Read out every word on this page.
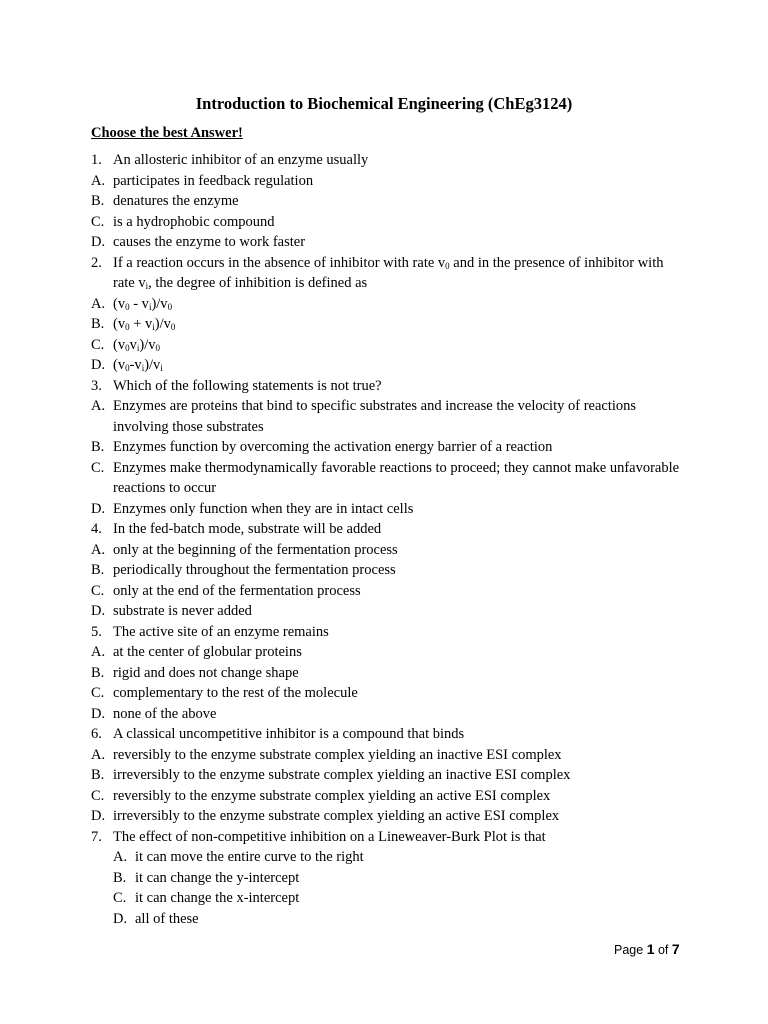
Introduction to Biochemical Engineering (ChEg3124)
Choose the best Answer!
1. An allosteric inhibitor of an enzyme usually
A. participates in feedback regulation
B. denatures the enzyme
C. is a hydrophobic compound
D. causes the enzyme to work faster
2. If a reaction occurs in the absence of inhibitor with rate $v_0$ and in the presence of inhibitor with rate $v_i$, the degree of inhibition is defined as
A. $(v_0 - v_i)/v_0$
B. $(v_0 + v_i)/v_0$
C. $(v_0v_i)/v_0$
D. $(v_0-v_i)/v_i$
3. Which of the following statements is not true?
A. Enzymes are proteins that bind to specific substrates and increase the velocity of reactions involving those substrates
B. Enzymes function by overcoming the activation energy barrier of a reaction
C. Enzymes make thermodynamically favorable reactions to proceed; they cannot make unfavorable reactions to occur
D. Enzymes only function when they are in intact cells
4. In the fed-batch mode, substrate will be added
A. only at the beginning of the fermentation process
B. periodically throughout the fermentation process
C. only at the end of the fermentation process
D. substrate is never added
5. The active site of an enzyme remains
A. at the center of globular proteins
B. rigid and does not change shape
C. complementary to the rest of the molecule
D. none of the above
6. A classical uncompetitive inhibitor is a compound that binds
A. reversibly to the enzyme substrate complex yielding an inactive ESI complex
B. irreversibly to the enzyme substrate complex yielding an inactive ESI complex
C. reversibly to the enzyme substrate complex yielding an active ESI complex
D. irreversibly to the enzyme substrate complex yielding an active ESI complex
7. The effect of non-competitive inhibition on a Lineweaver-Burk Plot is that
A. it can move the entire curve to the right
B. it can change the y-intercept
C. it can change the x-intercept
D. all of these
Page 1 of 7
